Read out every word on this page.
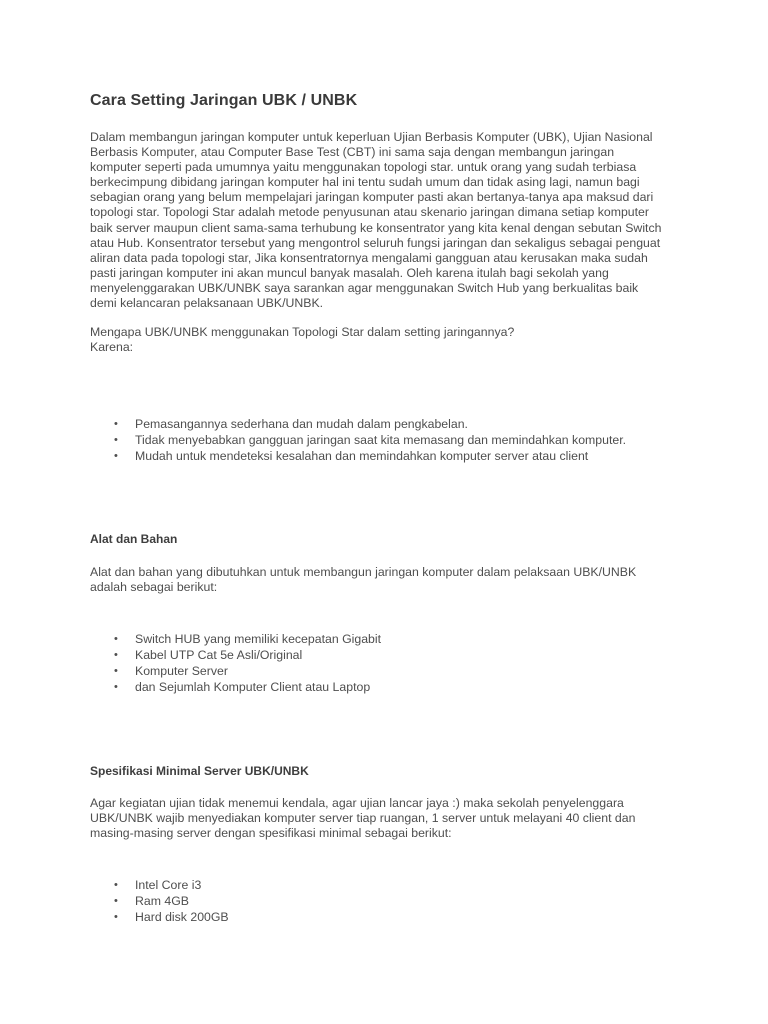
Cara Setting Jaringan UBK / UNBK

Dalam membangun jaringan komputer untuk keperluan Ujian Berbasis Komputer (UBK), Ujian Nasional
Berbasis Komputer, atau Computer Base Test (CBT) ini sama saja dengan membangun jaringan
komputer seperti pada umumnya yaitu menggunakan topologi star. untuk orang yang sudah terbiasa
berkecimpung dibidang jaringan komputer hal ini tentu sudah umum dan tidak asing lagi, namun bagi
sebagian orang yang belum mempelajari jaringan komputer pasti akan bertanya-tanya apa maksud dari
topologi star. Topologi Star adalah metode penyusunan atau skenario jaringan dimana setiap komputer
baik server maupun client sama-sama terhubung ke konsentrator yang kita kenal dengan sebutan Switch
atau Hub. Konsentrator tersebut yang mengontrol seluruh fungsi jaringan dan sekaligus sebagai penguat
aliran data pada topologi star, Jika konsentratornya mengalami gangguan atau kerusakan maka sudah
pasti jaringan komputer ini akan muncul banyak masalah. Oleh karena itulah bagi sekolah yang
menyelenggarakan UBK/UNBK saya sarankan agar menggunakan Switch Hub yang berkualitas baik
demi kelancaran pelaksanaan UBK/UNBK.

Mengapa UBK/UNBK menggunakan Topologi Star dalam setting jaringannya?
Karena:

• Pemasangannya sederhana dan mudah dalam pengkabelan.
• Tidak menyebabkan gangguan jaringan saat kita memasang dan memindahkan komputer.
• Mudah untuk mendeteksi kesalahan dan memindahkan komputer server atau client
Alat dan Bahan

Alat dan bahan yang dibutuhkan untuk membangun jaringan komputer dalam pelaksaan UBK/UNBK
adalah sebagai berikut:

• Switch HUB yang memiliki kecepatan Gigabit
• Kabel UTP Cat 5e Asli/Original
• Komputer Server
• dan Sejumlah Komputer Client atau Laptop
Spesifikasi Minimal Server UBK/UNBK

Agar kegiatan ujian tidak menemui kendala, agar ujian lancar jaya :) maka sekolah penyelenggara
UBK/UNBK wajib menyediakan komputer server tiap ruangan, 1 server untuk melayani 40 client dan
masing-masing server dengan spesifikasi minimal sebagai berikut:

• Intel Core i3
• Ram 4GB
• Hard disk 200GB
